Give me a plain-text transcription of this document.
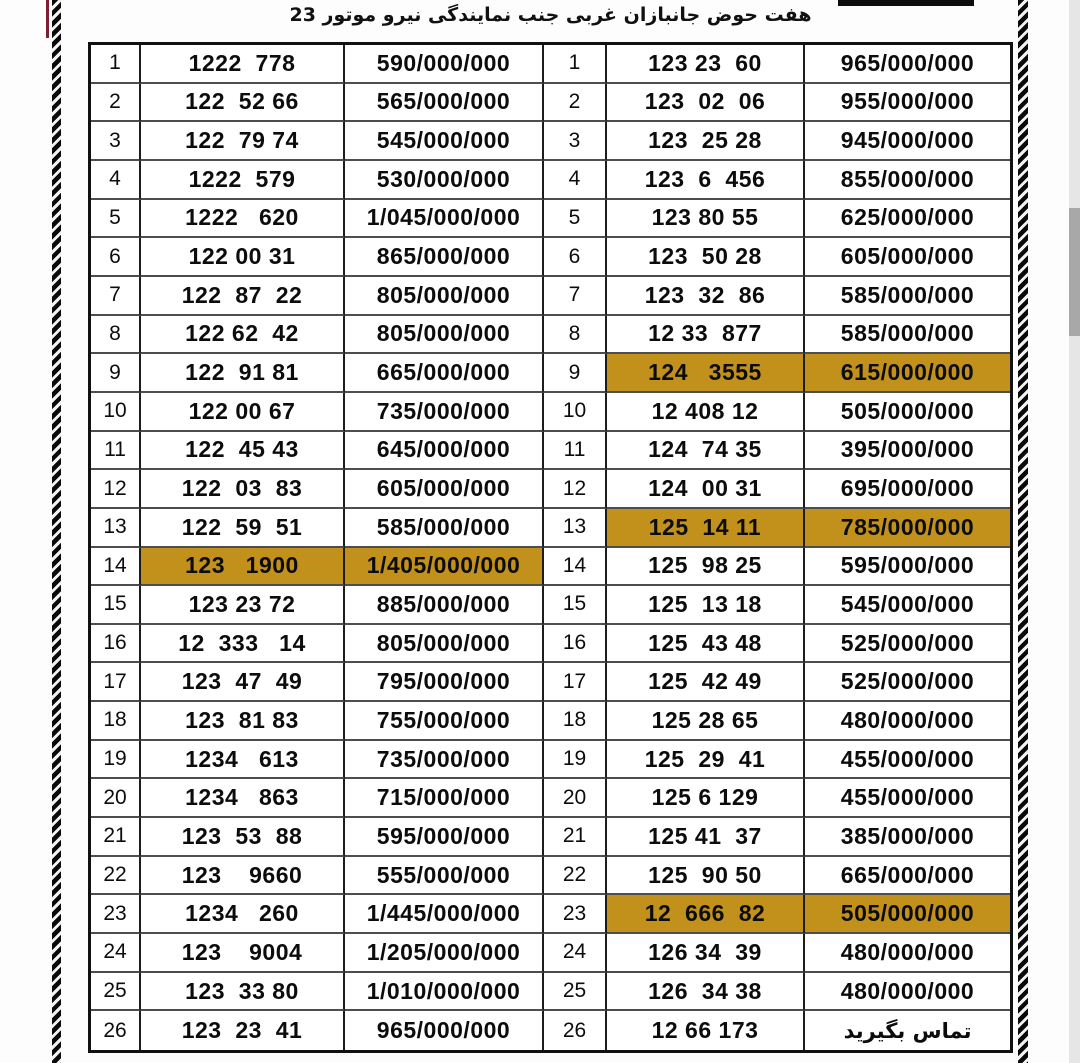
هفت حوض جانبازان غربی جنب نمایندگی نیرو موتور 23
1	1222  778	590/000/000	1	123 23  60	965/000/000
2	122  52 66	565/000/000	2	123  02  06	955/000/000
3	122  79 74	545/000/000	3	123  25 28	945/000/000
4	1222  579	530/000/000	4	123  6  456	855/000/000
5	1222   620	1/045/000/000	5	123 80 55	625/000/000
6	122 00 31	865/000/000	6	123  50 28	605/000/000
7	122  87  22	805/000/000	7	123  32  86	585/000/000
8	122 62  42	805/000/000	8	12 33  877	585/000/000
9	122  91 81	665/000/000	9	124   3555	615/000/000
10	122 00 67	735/000/000	10	12 408 12	505/000/000
11	122  45 43	645/000/000	11	124  74 35	395/000/000
12	122  03  83	605/000/000	12	124  00 31	695/000/000
13	122  59  51	585/000/000	13	125  14 11	785/000/000
14	123   1900	1/405/000/000	14	125  98 25	595/000/000
15	123 23 72	885/000/000	15	125  13 18	545/000/000
16	12  333   14	805/000/000	16	125  43 48	525/000/000
17	123  47  49	795/000/000	17	125  42 49	525/000/000
18	123  81 83	755/000/000	18	125 28 65	480/000/000
19	1234   613	735/000/000	19	125  29  41	455/000/000
20	1234   863	715/000/000	20	125 6 129	455/000/000
21	123  53  88	595/000/000	21	125 41  37	385/000/000
22	123    9660	555/000/000	22	125  90 50	665/000/000
23	1234   260	1/445/000/000	23	12  666  82	505/000/000
24	123    9004	1/205/000/000	24	126 34  39	480/000/000
25	123  33 80	1/010/000/000	25	126  34 38	480/000/000
26	123  23  41	965/000/000	26	12 66 173	تماس بگیرید
